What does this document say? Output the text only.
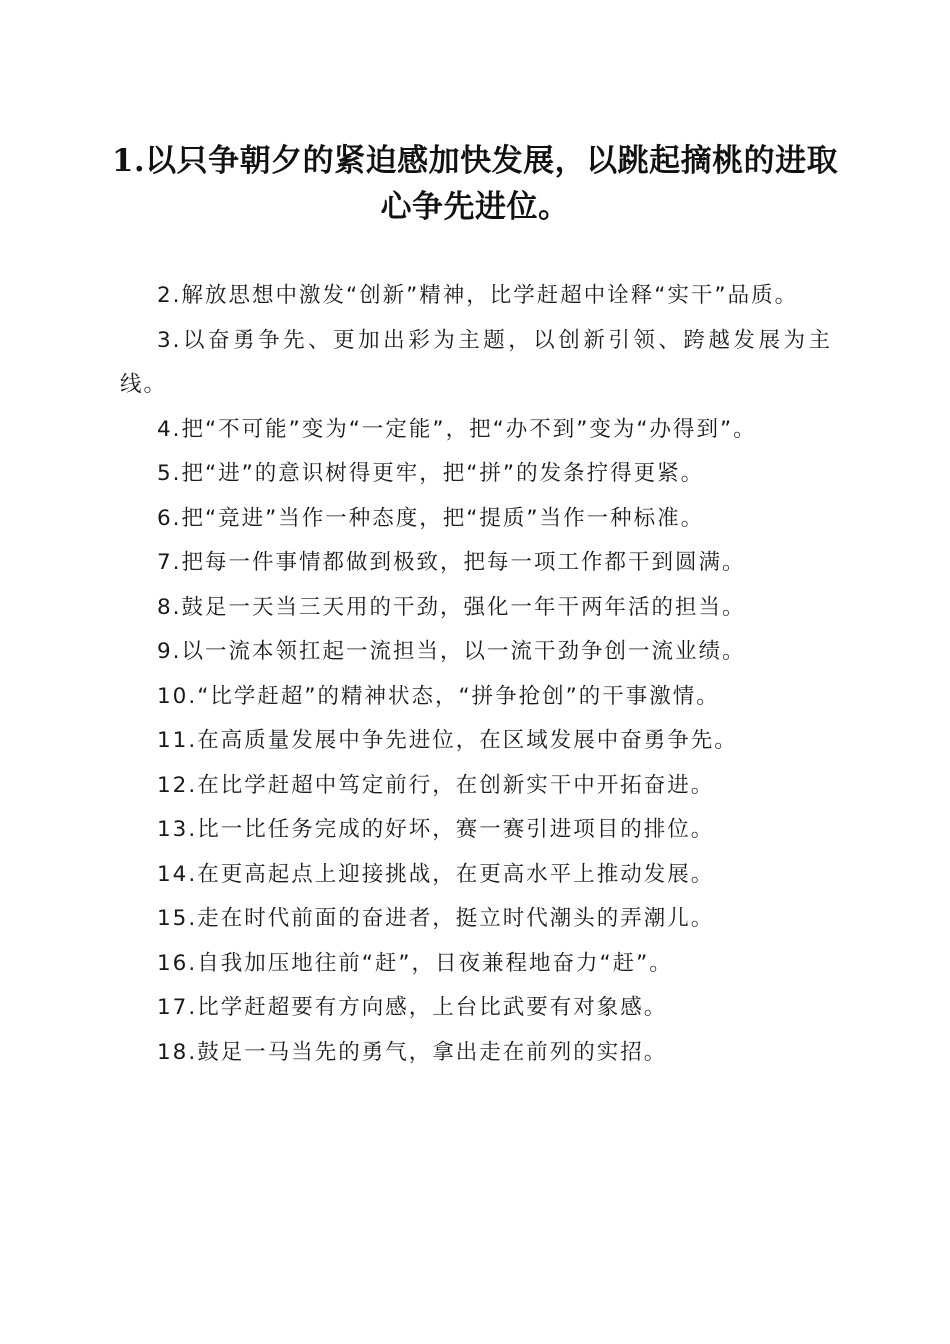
1.以只争朝夕的紧迫感加快发展，以跳起摘桃的进取心争先进位。

2.解放思想中激发“创新”精神，比学赶超中诠释“实干”品质。

3.以奋勇争先、更加出彩为主题，以创新引领、跨越发展为主线。

4.把“不可能”变为“一定能”，把“办不到”变为“办得到”。

5.把“进”的意识树得更牢，把“拼”的发条拧得更紧。

6.把“竞进”当作一种态度，把“提质”当作一种标准。

7.把每一件事情都做到极致，把每一项工作都干到圆满。

8.鼓足一天当三天用的干劲，强化一年干两年活的担当。

9.以一流本领扛起一流担当，以一流干劲争创一流业绩。

10.“比学赶超”的精神状态，“拼争抢创”的干事激情。

11.在高质量发展中争先进位，在区域发展中奋勇争先。

12.在比学赶超中笃定前行，在创新实干中开拓奋进。

13.比一比任务完成的好坏，赛一赛引进项目的排位。

14.在更高起点上迎接挑战，在更高水平上推动发展。

15.走在时代前面的奋进者，挺立时代潮头的弄潮儿。

16.自我加压地往前“赶”，日夜兼程地奋力“赶”。

17.比学赶超要有方向感，上台比武要有对象感。

18.鼓足一马当先的勇气，拿出走在前列的实招。
